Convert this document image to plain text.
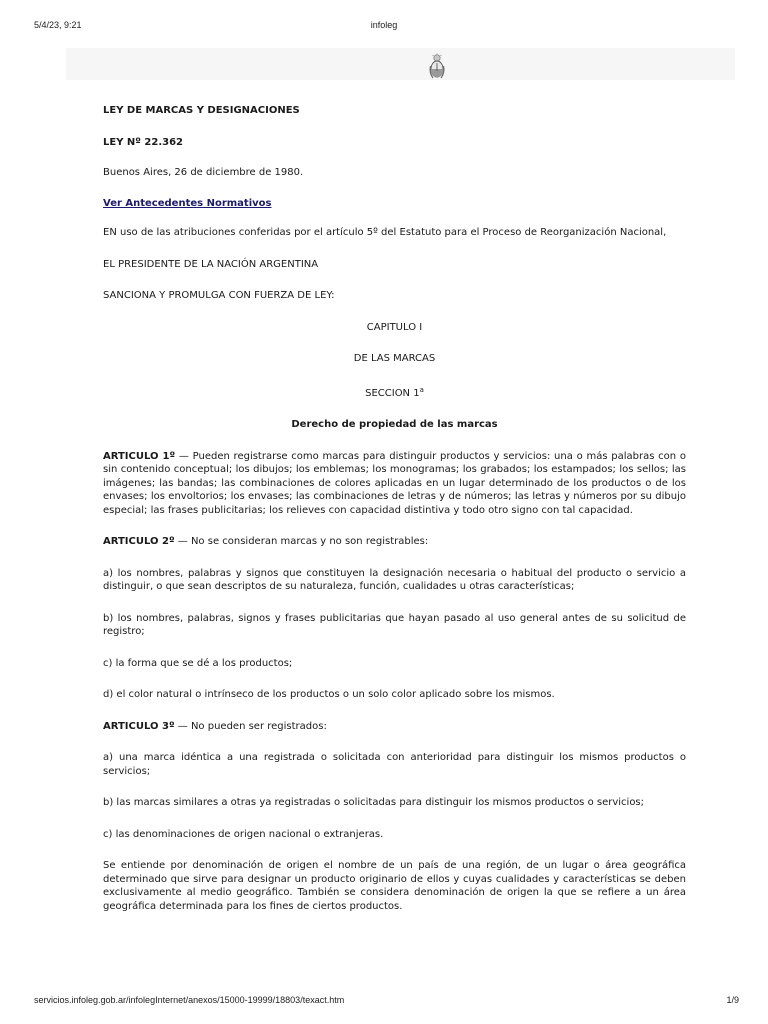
5/4/23, 9:21	infoleg

LEY DE MARCAS Y DESIGNACIONES

LEY Nº 22.362

Buenos Aires, 26 de diciembre de 1980.

Ver Antecedentes Normativos

EN uso de las atribuciones conferidas por el artículo 5º del Estatuto para el Proceso de Reorganización Nacional,

EL PRESIDENTE DE LA NACIÓN ARGENTINA

SANCIONA Y PROMULGA CON FUERZA DE LEY:

CAPITULO I

DE LAS MARCAS

SECCION 1$^a$

Derecho de propiedad de las marcas

ARTICULO 1º — Pueden registrarse como marcas para distinguir productos y servicios: una o más palabras con o sin contenido conceptual; los dibujos; los emblemas; los monogramas; los grabados; los estampados; los sellos; las imágenes; las bandas; las combinaciones de colores aplicadas en un lugar determinado de los productos o de los envases; los envoltorios; los envases; las combinaciones de letras y de números; las letras y números por su dibujo especial; las frases publicitarias; los relieves con capacidad distintiva y todo otro signo con tal capacidad.

ARTICULO 2º — No se consideran marcas y no son registrables:

a) los nombres, palabras y signos que constituyen la designación necesaria o habitual del producto o servicio a distinguir, o que sean descriptos de su naturaleza, función, cualidades u otras características;

b) los nombres, palabras, signos y frases publicitarias que hayan pasado al uso general antes de su solicitud de registro;

c) la forma que se dé a los productos;

d) el color natural o intrínseco de los productos o un solo color aplicado sobre los mismos.

ARTICULO 3º — No pueden ser registrados:

a) una marca idéntica a una registrada o solicitada con anterioridad para distinguir los mismos productos o servicios;

b) las marcas similares a otras ya registradas o solicitadas para distinguir los mismos productos o servicios;

c) las denominaciones de origen nacional o extranjeras.

Se entiende por denominación de origen el nombre de un país de una región, de un lugar o área geográfica determinado que sirve para designar un producto originario de ellos y cuyas cualidades y características se deben exclusivamente al medio geográfico. También se considera denominación de origen la que se refiere a un área geográfica determinada para los fines de ciertos productos.

servicios.infoleg.gob.ar/infolegInternet/anexos/15000-19999/18803/texact.htm	1/9
